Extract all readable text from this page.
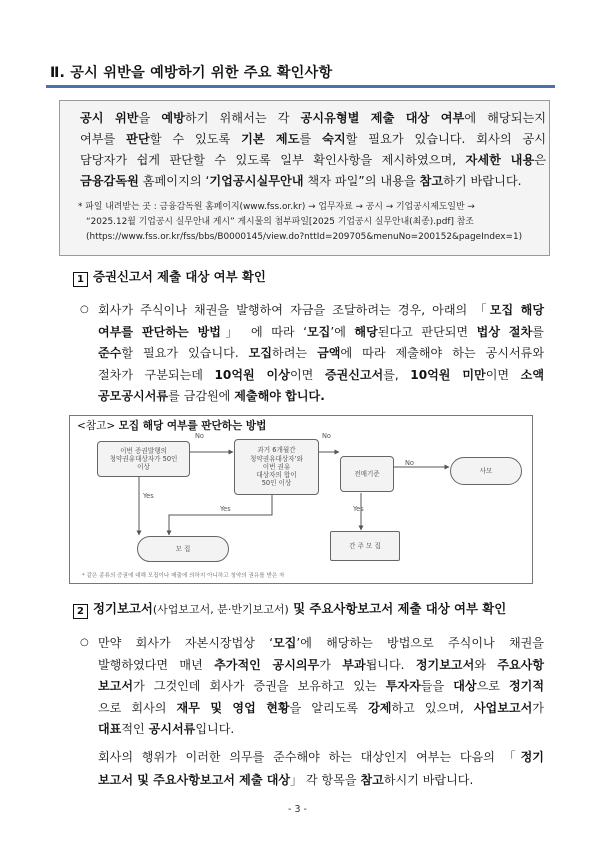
Ⅱ. 공시 위반을 예방하기 위한 주요 확인사항
공시 위반을 예방하기 위해서는 각 공시유형별 제출 대상 여부에 해당되는지
여부를 판단할 수 있도록 기본 제도를 숙지할 필요가 있습니다. 회사의 공시
담당자가 쉽게 판단할 수 있도록 일부 확인사항을 제시하였으며, 자세한 내용은
금융감독원 홈페이지의 ‘기업공시실무안내 책자 파일”의 내용을 참고하기 바랍니다.
* 파일 내려받는 곳 : 금융감독원 홈페이지(www.fss.or.kr) → 업무자료 → 공시 → 기업공시제도일반 →
“2025.12월 기업공시 실무안내 게시” 게시물의 첨부파일[2025 기업공시 실무안내(최종).pdf] 참조
(https://www.fss.or.kr/fss/bbs/B0000145/view.do?nttId=209705&menuNo=200152&pageIndex=1)
1 증권신고서 제출 대상 여부 확인
○ 회사가 주식이나 채권을 발행하여 자금을 조달하려는 경우, 아래의 「모집 해당
여부를 판단하는 방법」 에 따라 ‘모집’에 해당된다고 판단되면 법상 절차를
준수할 필요가 있습니다. 모집하려는 금액에 따라 제출해야 하는 공시서류와
절차가 구분되는데 10억원 이상이면 증권신고서를, 10억원 미만이면 소액
공모공시서류를 금감원에 제출해야 합니다.
<참고> 모집 해당 여부를 판단하는 방법
이번 증권발행의
청약권유대상자가 50인
이상
과거 6개월간
청약권유대상자’와
이번 권유
대상자의 합이
50인 이상
전매기준	사모
모 집	간 주 모 집
No	No
No
Yes
Yes	Yes
* 같은 종류의 증권에 대해 모집이나 매출에 의하지 아니하고 청약의 권유를 받은 자
2 정기보고서(사업보고서, 분·반기보고서) 및 주요사항보고서 제출 대상 여부 확인
○ 만약 회사가 자본시장법상 ‘모집’에 해당하는 방법으로 주식이나 채권을
발행하였다면 매년 추가적인 공시의무가 부과됩니다. 정기보고서와 주요사항
보고서가 그것인데 회사가 증권을 보유하고 있는 투자자들을 대상으로 정기적
으로 회사의 재무 및 영업 현황을 알리도록 강제하고 있으며, 사업보고서가
대표적인 공시서류입니다.
회사의 행위가 이러한 의무를 준수해야 하는 대상인지 여부는 다음의 「정기
보고서 및 주요사항보고서 제출 대상」 각 항목을 참고하시기 바랍니다.
- 3 -
